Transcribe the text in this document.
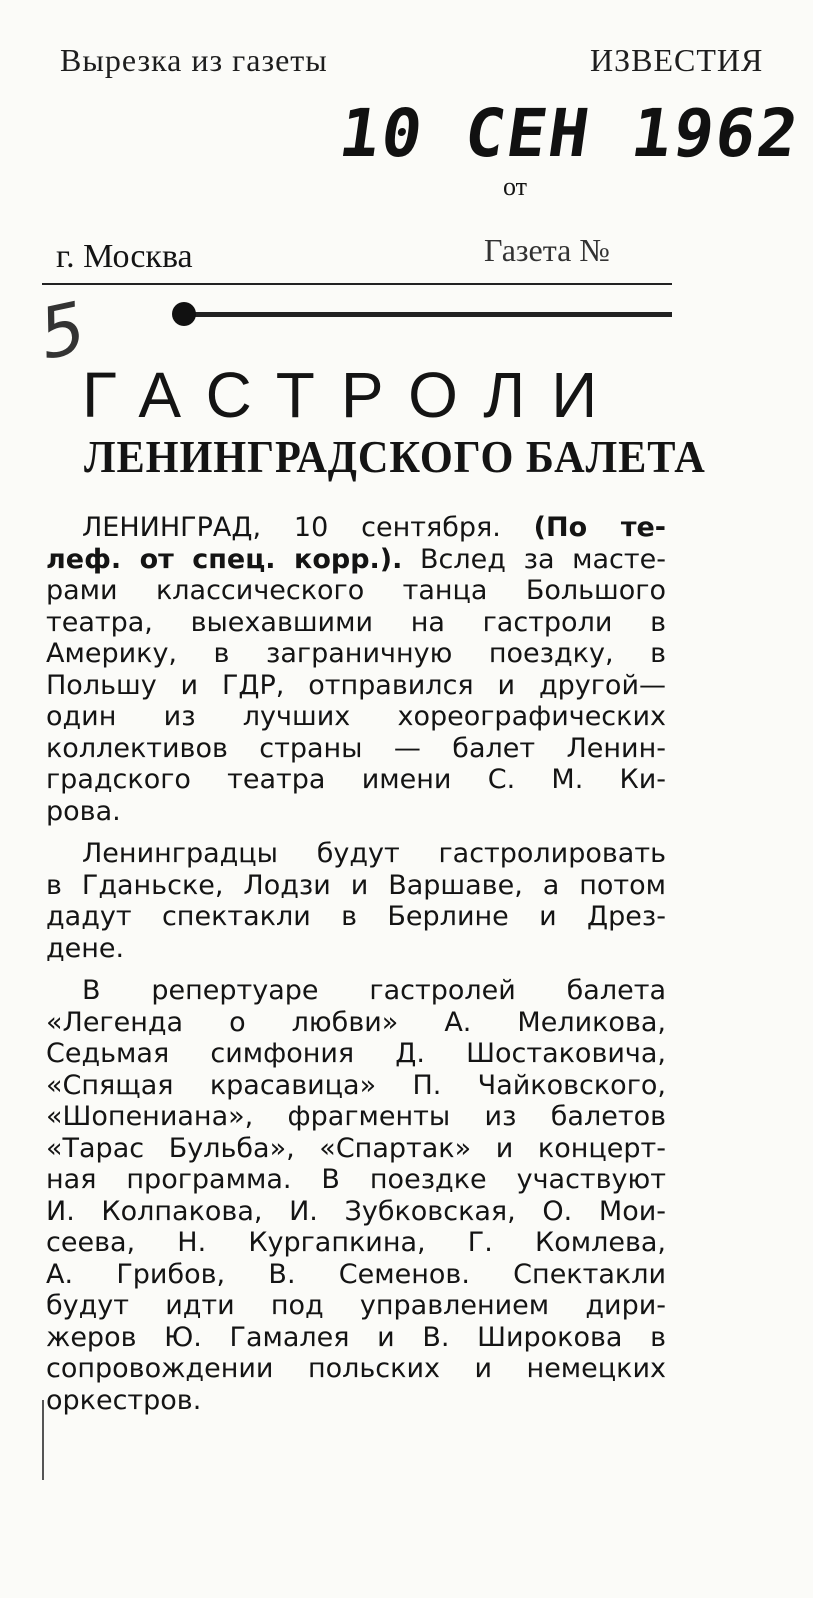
Вырезка из газеты	ИЗВЕСТИЯ
10 СЕН 1962
от
г. Москва	Газета №
5
ГАСТРОЛИ
ЛЕНИНГРАДСКОГО БАЛЕТА
ЛЕНИНГРАД, 10 сентября. (По те-
леф. от спец. корр.). Вслед за масте-
рами классического танца Большого
театра, выехавшими на гастроли в
Америку, в заграничную поездку, в
Польшу и ГДР, отправился и другой—
один из лучших хореографических
коллективов страны — балет Ленин-
градского театра имени С. М. Ки-
рова.
Ленинградцы будут гастролировать
в Гданьске, Лодзи и Варшаве, а потом
дадут спектакли в Берлине и Дрез-
дене.
В репертуаре гастролей балета
«Легенда о любви» А. Меликова,
Седьмая симфония Д. Шостаковича,
«Спящая красавица» П. Чайковского,
«Шопениана», фрагменты из балетов
«Тарас Бульба», «Спартак» и концерт-
ная программа. В поездке участвуют
И. Колпакова, И. Зубковская, О. Мои-
сеева, Н. Кургапкина, Г. Комлева,
А. Грибов, В. Семенов. Спектакли
будут идти под управлением дири-
жеров Ю. Гамалея и В. Широкова в
сопровождении польских и немецких
оркестров.
